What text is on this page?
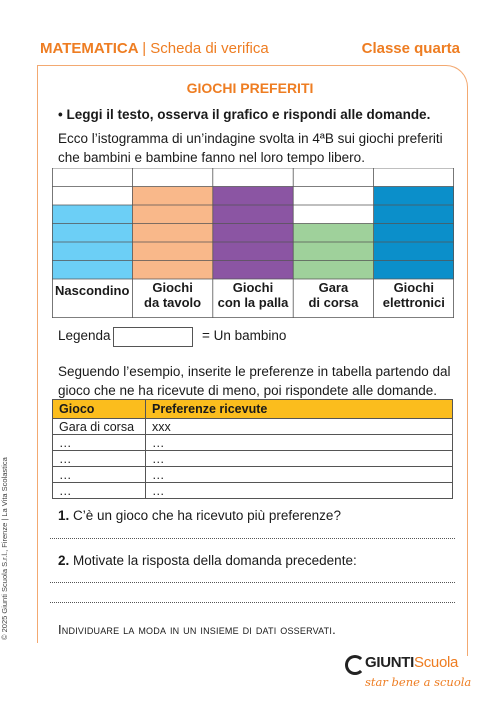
MATEMATICA | Scheda di verifica	Classe quarta
GIOCHI PREFERITI
• Leggi il testo, osserva il grafico e rispondi alle domande.
Ecco l’istogramma di un’indagine svolta in 4ªB sui giochi preferiti che bambini e bambine fanno nel loro tempo libero.
Nascondino Giochi
da tavolo
Giochi
con la palla
Gara
di corsa
Giochi
elettronici
Legenda	= Un bambino
Seguendo l’esempio, inserite le preferenze in tabella partendo dal gioco che ne ha ricevute di meno, poi rispondete alle domande.
Gioco	Preferenze ricevute
Gara di corsa	xxx
…	…
…	…
…	…
…	…
1. C’è un gioco che ha ricevuto più preferenze?
2. Motivate la risposta della domanda precedente:
Individuare la moda in un insieme di dati osservati.
© 2025 Giunti Scuola S.r.l., Firenze | La Vita Scolastica
GIUNTIScuola
star bene a scuola
